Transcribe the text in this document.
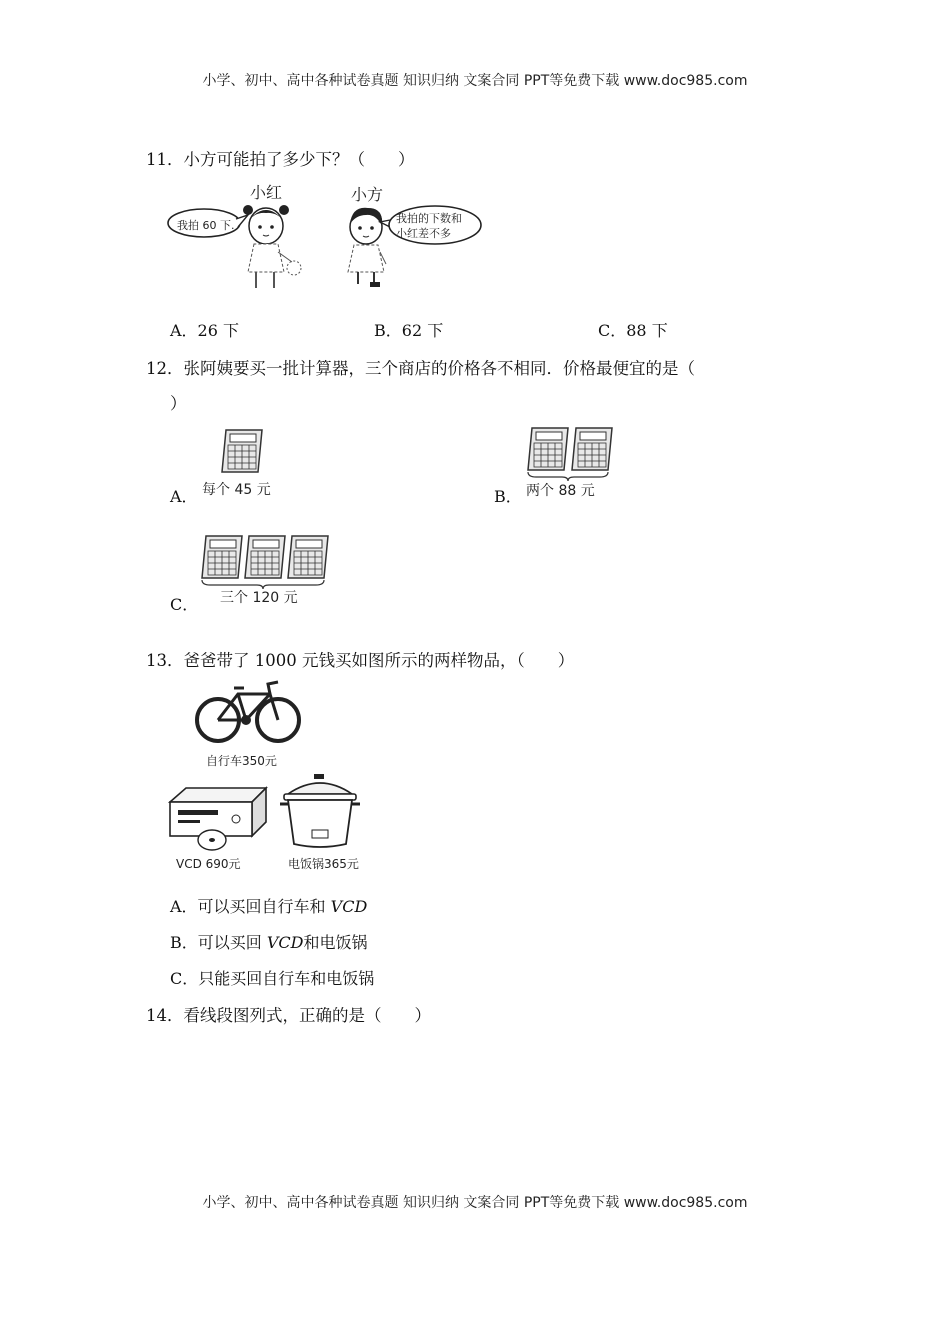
小学、初中、高中各种试卷真题 知识归纳 文案合同 PPT等免费下载 www.doc985.com
11．小方可能拍了多少下？（　　）
小红	小方
我拍 60 下.
我拍的下数和
小红差不多
A．26 下	B．62 下	C．88 下
12．张阿姨要买一批计算器，三个商店的价格各不相同．价格最便宜的是（
）
A． 每个 45 元	B． 两个 88 元
C． 三个 120 元
13．爸爸带了 1000 元钱买如图所示的两样物品，（　　）
自行车350元
VCD 690元	电饭锅365元
A．可以买回自行车和 VCD
B．可以买回 VCD和电饭锅
C．只能买回自行车和电饭锅
14．看线段图列式，正确的是（　　）
小学、初中、高中各种试卷真题 知识归纳 文案合同 PPT等免费下载 www.doc985.com
